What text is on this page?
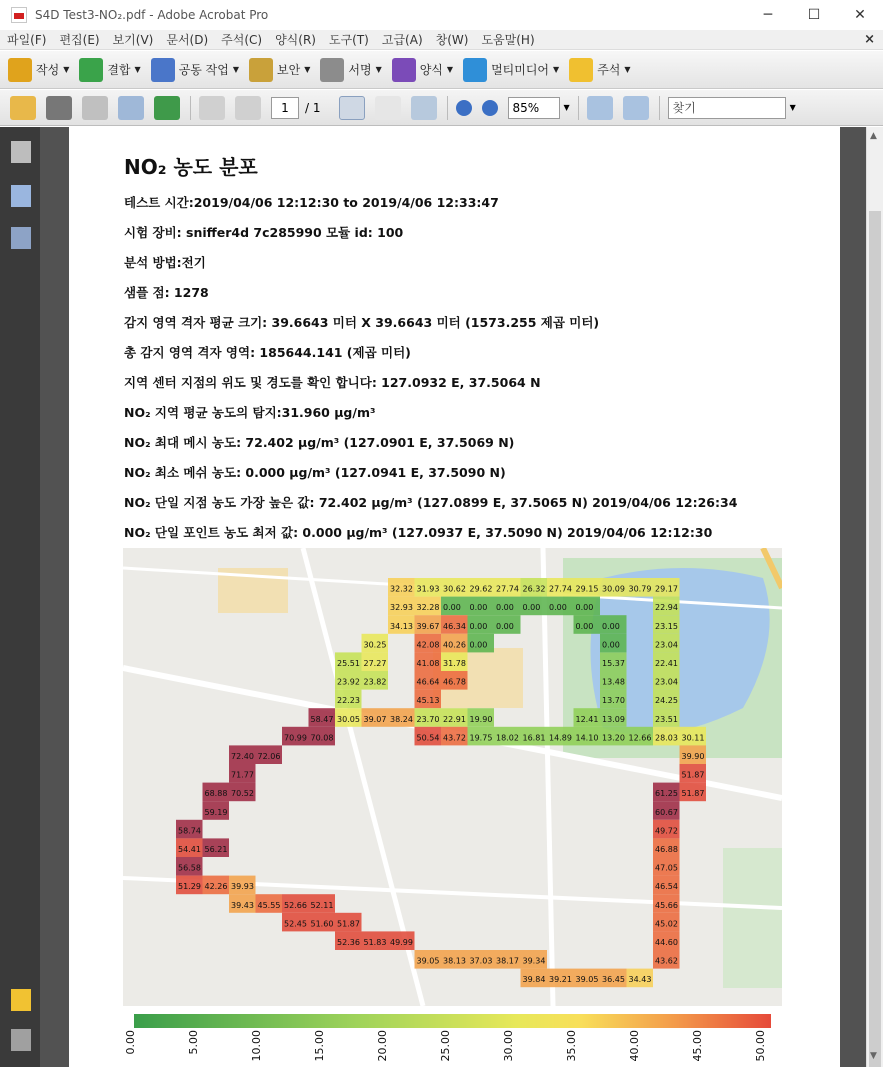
S4D Test3-NO₂.pdf - Adobe Acrobat Pro	─	☐	✕
파일(F)	편집(E)	보기(V)	문서(D)	주석(C)	양식(R)	도구(T)	고급(A)	창(W)	도움말(H)	×
작성 ▼	결합 ▼	공동 작업 ▼	보안 ▼	서명 ▼	양식 ▼	멀티미디어 ▼	주석 ▼
1	/ 1	85%	▼	찾기	▼
NO₂ 농도 분포
테스트 시간:2019/04/06 12:12:30 to 2019/4/06 12:33:47
시험 장비: sniffer4d 7c285990 모듈 id: 100
분석 방법:전기
샘플 점: 1278
감지 영역 격자 평균 크기: 39.6643 미터 X 39.6643 미터 (1573.255 제곱 미터)
총 감지 영역 격자 영역: 185644.141 (제곱 미터)
지역 센터 지점의 위도 및 경도를 확인 합니다: 127.0932 E, 37.5064 N
NO₂ 지역 평균 농도의 탐지:31.960 μg/m³
NO₂ 최대 메시 농도: 72.402 μg/m³ (127.0901 E, 37.5069 N)
NO₂ 최소 메쉬 농도: 0.000 μg/m³ (127.0941 E, 37.5090 N)
NO₂ 단일 지점 농도 가장 높은 값: 72.402 μg/m³ (127.0899 E, 37.5065 N) 2019/04/06 12:26:34
NO₂ 단일 포인트 농도 최저 값: 0.000 μg/m³ (127.0937 E, 37.5090 N) 2019/04/06 12:12:30
32.32 31.93 30.62 29.62 27.74 26.32 27.74 29.15 30.09 30.79 29.17
32.93 32.28 0.00 0.00 0.00 0.00 0.00 0.00	22.94
34.13 39.67 46.34 0.00 0.00	0.00 0.00	23.15
30.25	42.08 40.26 0.00	0.00	23.04
25.51 27.27	41.08 31.78	15.37	22.41
23.92 23.82	46.64 46.78	13.48	23.04
22.23	45.13	13.70	24.25
58.47 30.05 39.07 38.24 23.70 22.91 19.90	12.41 13.09	23.51
70.99 70.08	50.54 43.72 19.75 18.02 16.81 14.89 14.10 13.20 12.66 28.03 30.11
72.40 72.06	39.90
71.77	51.87
68.88 70.52	61.25 51.87
59.19	60.67
58.74	49.72
54.41 56.21	46.88
56.58	47.05
51.29 42.26 39.93	46.54
39.43 45.55 52.66 52.11	45.66
52.45 51.60 51.87	45.02
52.36 51.83 49.99	44.60
39.05 38.13 37.03 38.17 39.34	43.62
39.84 39.21 39.05 36.45 34.43
0.00	5.00	10.00	15.00	20.00	25.00	30.00	35.00	40.00	45.00	50.00
▲
▼
